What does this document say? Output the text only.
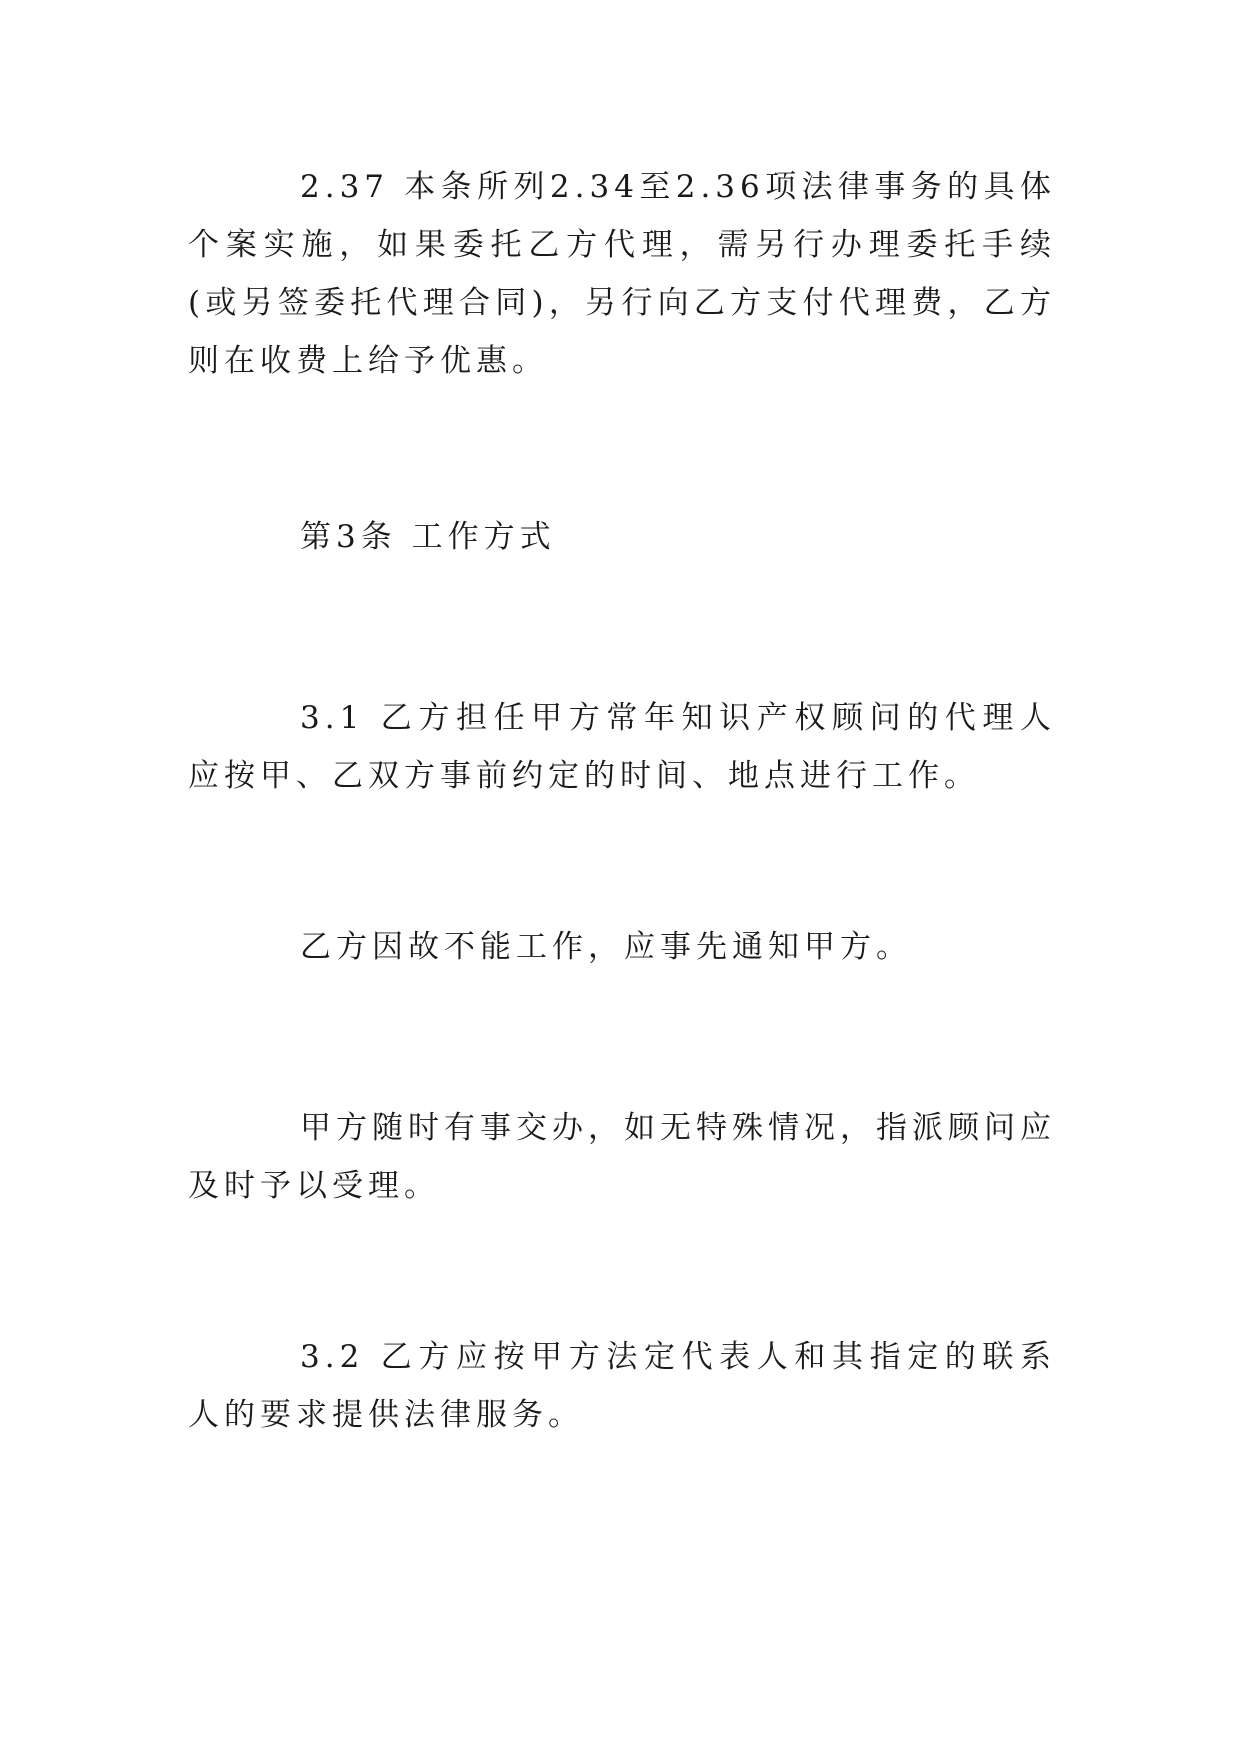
2.37 本条所列2.34至2.36项法律事务的具体个案实施，如果委托乙方代理，需另行办理委托手续(或另签委托代理合同)，另行向乙方支付代理费，乙方则在收费上给予优惠。

第3条 工作方式

3.1 乙方担任甲方常年知识产权顾问的代理人应按甲、乙双方事前约定的时间、地点进行工作。

乙方因故不能工作，应事先通知甲方。

甲方随时有事交办，如无特殊情况，指派顾问应及时予以受理。

3.2 乙方应按甲方法定代表人和其指定的联系人的要求提供法律服务。
